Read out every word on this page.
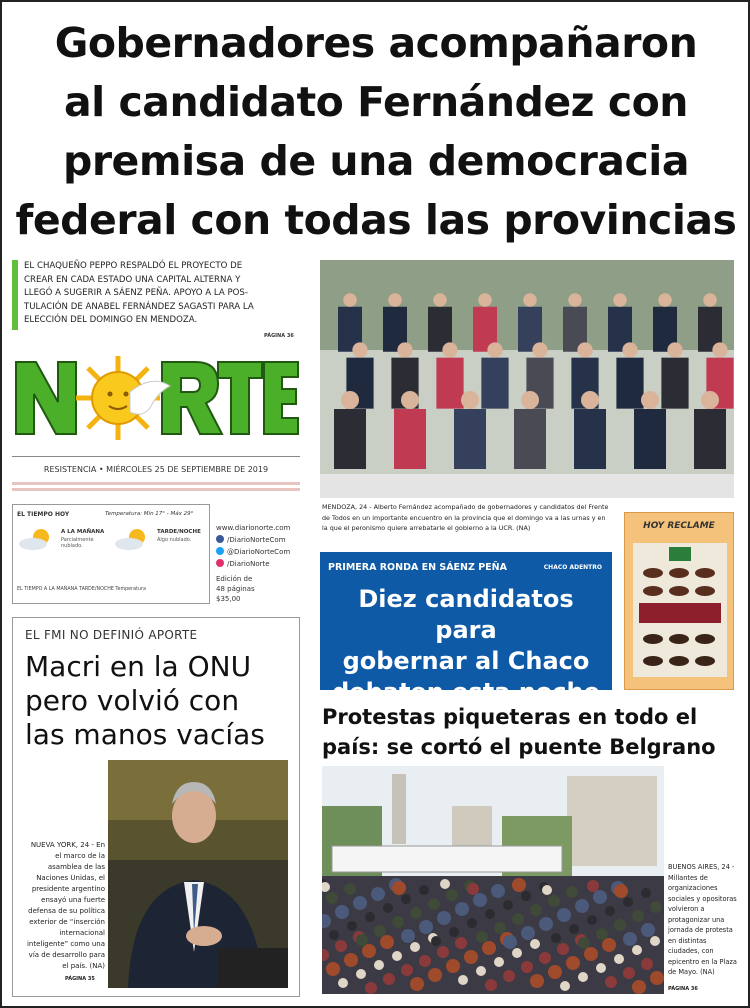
Gobernadores acompañaron
al candidato Fernández con
premisa de una democracia
federal con todas las provincias
EL CHAQUEÑO PEPPO RESPALDÓ EL PROYECTO DE
CREAR EN CADA ESTADO UNA CAPITAL ALTERNA Y
LLEGÓ A SUGERIR A SÁENZ PEÑA. APOYO A LA POS-
TULACIÓN DE ANABEL FERNÁNDEZ SAGASTI PARA LA
ELECCIÓN DEL DOMINGO EN MENDOZA.
PÁGINA 36
RESISTENCIA • MIÉRCOLES 25 DE SEPTIEMBRE DE 2019
EL TIEMPO HOY	Temperatura: Mín 17° - Máx 29°
A LA MAÑANA
Parcialmente nublado.
TARDE/NOCHE
Algo nublado.
EL TIEMPO A LA MAÑANA TARDE/NOCHE Temperatura
www.diarionorte.com
/DiarioNorteCom
@DiarioNorteCom
/DiarioNorte
Edición de
48 páginas
$35,00
EL FMI NO DEFINIÓ APORTE
Macri en la ONU
pero volvió con
las manos vacías
NUEVA YORK, 24 - En el marco de la asamblea de las Naciones Unidas, el presidente argentino ensayó una fuerte defensa de su política exterior de “inserción internacional inteligente” como una vía de desarrollo para el país. (NA)
PÁGINA 35
MENDOZA, 24 - Alberto Fernández acompañado de gobernadores y candidatos del Frente de Todos en un importante encuentro en la provincia que el domingo va a las urnas y en la que el peronismo quiere arrebatarle el gobierno a la UCR. (NA)
PRIMERA RONDA EN SÁENZ PEÑA	CHACO ADENTRO
Diez candidatos para
gobernar al Chaco
debaten esta noche
HOY RECLAME
Protestas piqueteras en todo el
país: se cortó el puente Belgrano
BUENOS AIRES, 24 - Millantes de organizaciones sociales y opositoras volvieron a protagonizar una jornada de protesta en distintas ciudades, con epicentro en la Plaza de Mayo. (NA)
PÁGINA 36
